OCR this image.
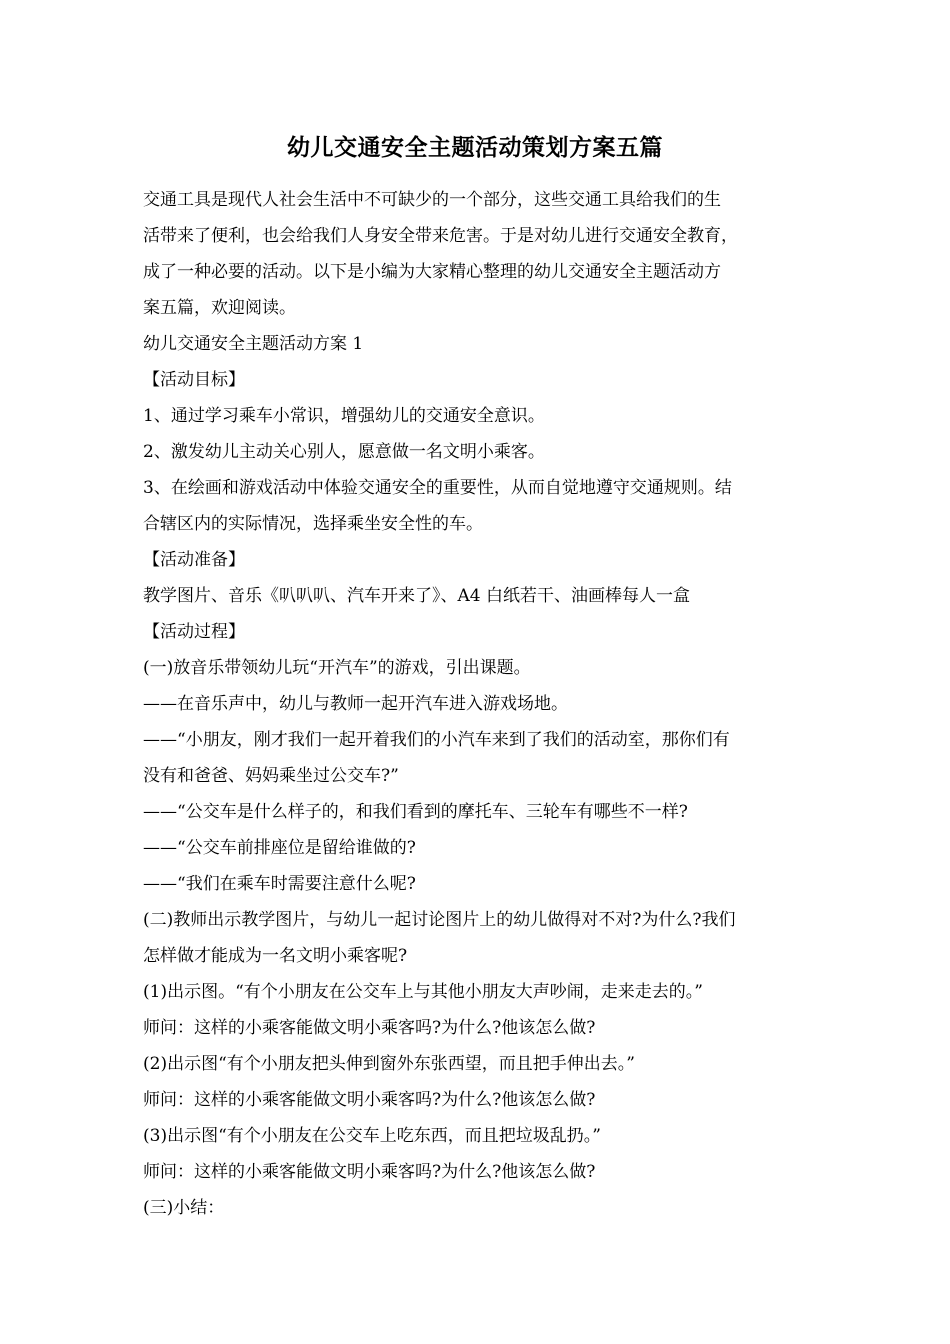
幼儿交通安全主题活动策划方案五篇

交通工具是现代人社会生活中不可缺少的一个部分，这些交通工具给我们的生

活带来了便利，也会给我们人身安全带来危害。于是对幼儿进行交通安全教育，

成了一种必要的活动。以下是小编为大家精心整理的幼儿交通安全主题活动方

案五篇，欢迎阅读。

幼儿交通安全主题活动方案 1

【活动目标】

1、通过学习乘车小常识，增强幼儿的交通安全意识。

2、激发幼儿主动关心别人，愿意做一名文明小乘客。

3、在绘画和游戏活动中体验交通安全的重要性，从而自觉地遵守交通规则。结

合辖区内的实际情况，选择乘坐安全性的车。

【活动准备】

教学图片、音乐《叭叭叭、汽车开来了》、A4 白纸若干、油画棒每人一盒

【活动过程】

(一)放音乐带领幼儿玩“开汽车”的游戏，引出课题。

——在音乐声中，幼儿与教师一起开汽车进入游戏场地。

——“小朋友，刚才我们一起开着我们的小汽车来到了我们的活动室，那你们有

没有和爸爸、妈妈乘坐过公交车?”

——“公交车是什么样子的，和我们看到的摩托车、三轮车有哪些不一样?

——“公交车前排座位是留给谁做的?

——“我们在乘车时需要注意什么呢?

(二)教师出示教学图片，与幼儿一起讨论图片上的幼儿做得对不对?为什么?我们

怎样做才能成为一名文明小乘客呢?

(1)出示图。“有个小朋友在公交车上与其他小朋友大声吵闹，走来走去的。”

师问：这样的小乘客能做文明小乘客吗?为什么?他该怎么做?

(2)出示图“有个小朋友把头伸到窗外东张西望，而且把手伸出去。”

师问：这样的小乘客能做文明小乘客吗?为什么?他该怎么做?

(3)出示图“有个小朋友在公交车上吃东西，而且把垃圾乱扔。”

师问：这样的小乘客能做文明小乘客吗?为什么?他该怎么做?

(三)小结：
